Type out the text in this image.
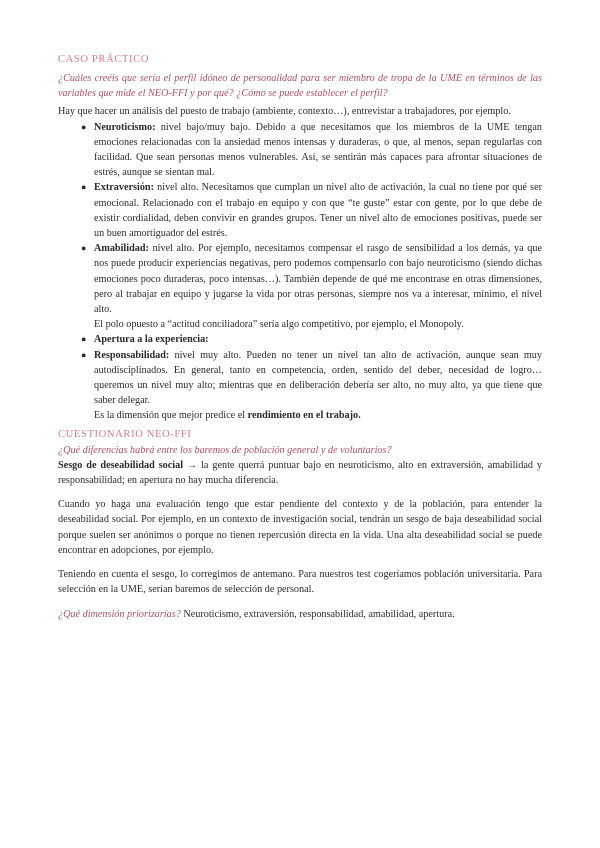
CASO PRÁCTICO

¿Cuáles creéis que sería el perfil idóneo de personalidad para ser miembro de tropa de la UME en términos de las variables que mide el NEO-FFI y por qué? ¿Cómo se puede establecer el perfil?

Hay que hacer un análisis del puesto de trabajo (ambiente, contexto…), entrevistar a trabajadores, por ejemplo.

● Neuroticismo: nivel bajo/muy bajo. Debido a que necesitamos que los miembros de la UME tengan emociones relacionadas con la ansiedad menos intensas y duraderas, o que, al menos, sepan regularlas con facilidad. Que sean personas menos vulnerables. Así, se sentirán más capaces para afrontar situaciones de estrés, aunque se sientan mal.
● Extraversión: nivel alto. Necesitamos que cumplan un nivel alto de activación, la cual no tiene por qué ser emocional. Relacionado con el trabajo en equipo y con que “te guste” estar con gente, por lo que debe de existir cordialidad, deben convivir en grandes grupos. Tener un nivel alto de emociones positivas, puede ser un buen amortiguador del estrés.
● Amabilidad: nivel alto. Por ejemplo, necesitamos compensar el rasgo de sensibilidad a los demás, ya que nos puede producir experiencias negativas, pero podemos compensarlo con bajo neuroticismo (siendo dichas emociones poco duraderas, poco intensas…). También depende de qué me encontrase en otras dimensiones, pero al trabajar en equipo y jugarse la vida por otras personas, siempre nos va a interesar, mínimo, el nivel alto.
El polo opuesto a “actitud conciliadora” sería algo competitivo, por ejemplo, el Monopoly.
● Apertura a la experiencia:
● Responsabilidad: nivel muy alto. Pueden no tener un nivel tan alto de activación, aunque sean muy autodisciplinados. En general, tanto en competencia, orden, sentido del deber, necesidad de logro… queremos un nivel muy alto; mientras que en deliberación debería ser alto, no muy alto, ya que tiene que saber delegar.
Es la dimensión que mejor predice el rendimiento en el trabajo.
CUESTIONARIO NEO-FFI

¿Qué diferencias habrá entre los baremos de población general y de voluntarios?

Sesgo de deseabilidad social → la gente querrá puntuar bajo en neuroticismo, alto en extraversión, amabilidad y responsabilidad; en apertura no hay mucha diferencia.

Cuando yo haga una evaluación tengo que estar pendiente del contexto y de la población, para entender la deseabilidad social. Por ejemplo, en un contexto de investigación social, tendrán un sesgo de baja deseabilidad social porque suelen ser anónimos o porque no tienen repercusión directa en la vida. Una alta deseabilidad social se puede encontrar en adopciones, por ejemplo.

Teniendo en cuenta el sesgo, lo corregimos de antemano. Para nuestros test cogeríamos población universitaria. Para selección en la UME, serían baremos de selección de personal.

¿Qué dimensión priorizarías? Neuroticismo, extraversión, responsabilidad, amabilidad, apertura.
